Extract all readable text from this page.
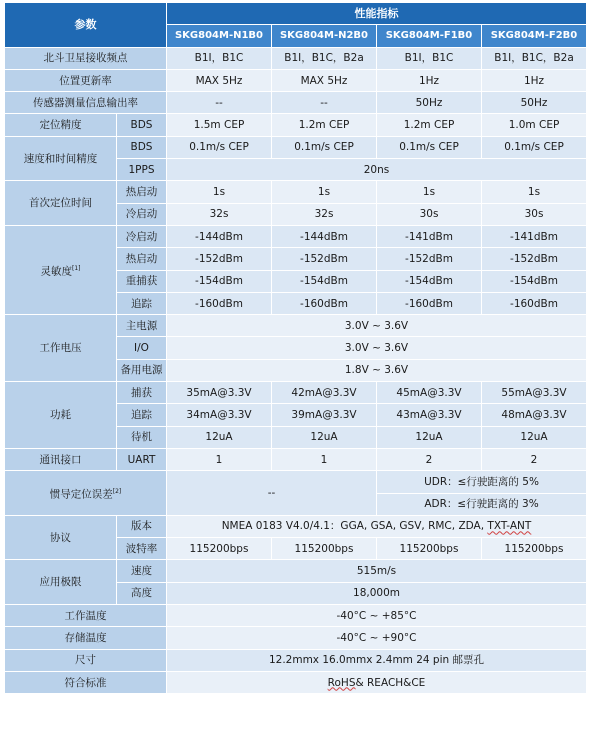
参数		性能指标			
		SKG804M-N1B0	SKG804M-N2B0	SKG804M-F1B0	SKG804M-F2B0
北斗卫星接收频点		B1I，B1C	B1I，B1C，B2a	B1I，B1C	B1I，B1C，B2a
位置更新率		MAX 5Hz	MAX 5Hz	1Hz	1Hz
传感器测量信息输出率		--	--	50Hz	50Hz
定位精度	BDS	1.5m CEP	1.2m CEP	1.2m CEP	1.0m CEP
速度和时间精度	BDS	0.1m/s CEP	0.1m/s CEP	0.1m/s CEP	0.1m/s CEP
	1PPS	20ns			
首次定位时间	热启动	1s	1s	1s	1s
	冷启动	32s	32s	30s	30s
灵敏度[1]	冷启动	-144dBm	-144dBm	-141dBm	-141dBm
	热启动	-152dBm	-152dBm	-152dBm	-152dBm
	重捕获	-154dBm	-154dBm	-154dBm	-154dBm
	追踪	-160dBm	-160dBm	-160dBm	-160dBm
工作电压	主电源	3.0V ~ 3.6V			
	I/O	3.0V ~ 3.6V			
	备用电源	1.8V ~ 3.6V			
功耗	捕获	35mA@3.3V	42mA@3.3V	45mA@3.3V	55mA@3.3V
	追踪	34mA@3.3V	39mA@3.3V	43mA@3.3V	48mA@3.3V
	待机	12uA	12uA	12uA	12uA
通讯接口	UART	1	1	2	2
惯导定位误差[2]		--		UDR：≤行驶距离的 5%	
				ADR：≤行驶距离的 3%	
协议	版本	NMEA 0183 V4.0/4.1：GGA, GSA, GSV, RMC, ZDA, TXT-ANT			
	波特率	115200bps	115200bps	115200bps	115200bps
应用极限	速度	515m/s			
	高度	18,000m			
工作温度		-40°C ~ +85°C			
存储温度		-40°C ~ +90°C			
尺寸		12.2mmx 16.0mmx 2.4mm 24 pin 邮票孔			
符合标准		RoHS& REACH&CE			
